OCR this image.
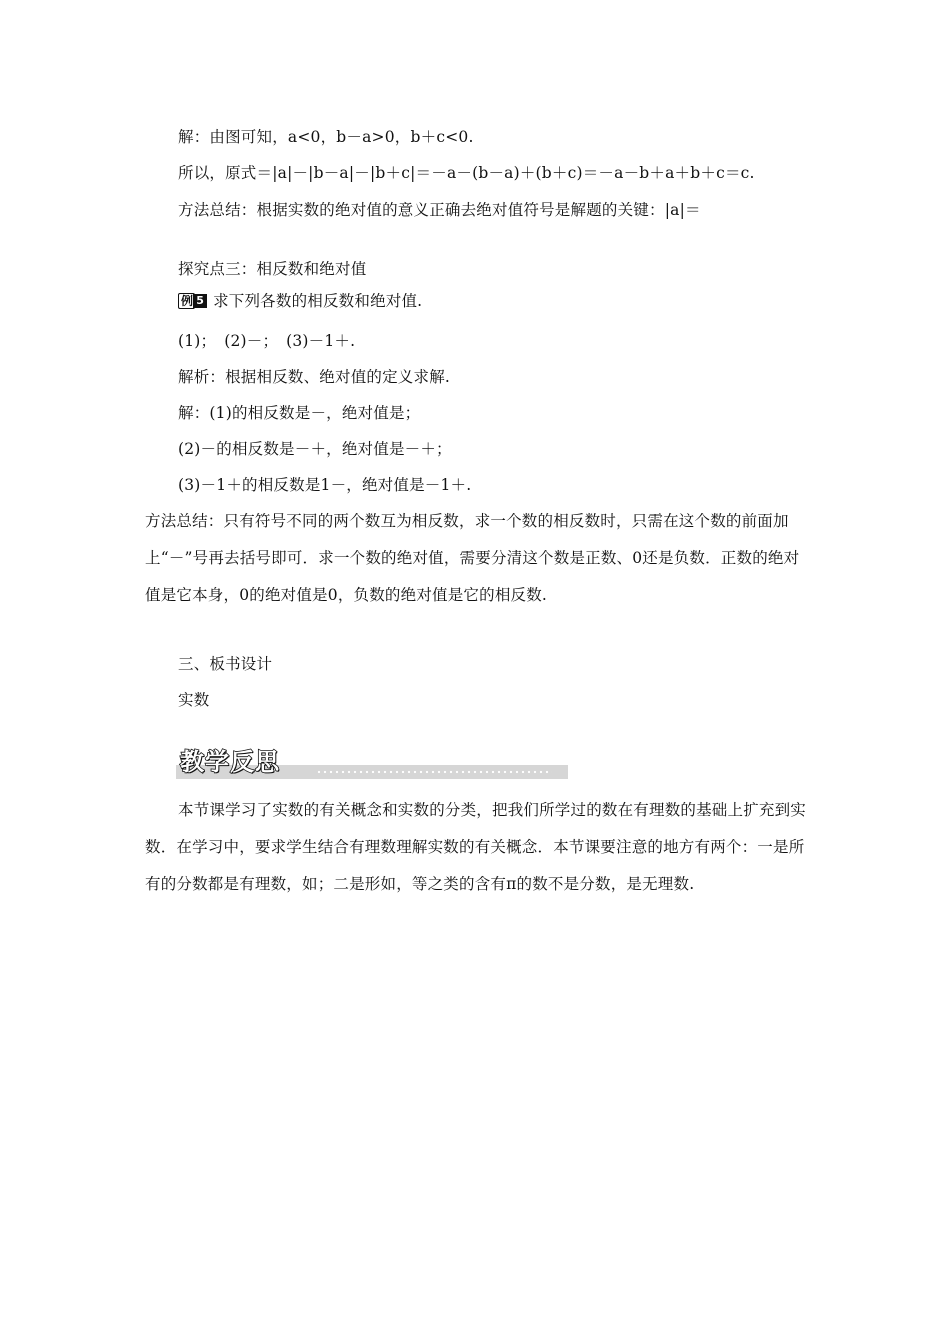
解：由图可知，a<0，b－a>0，b＋c<0.
所以，原式＝|a|－|b－a|－|b＋c|＝－a－(b－a)＋(b＋c)＝－a－b＋a＋b＋c＝c.
方法总结：根据实数的绝对值的意义正确去绝对值符号是解题的关键：|a|＝
探究点三：相反数和绝对值
例 5 求下列各数的相反数和绝对值.
(1)；　(2)－；　(3)－1＋.
解析：根据相反数、绝对值的定义求解.
解：(1)的相反数是－，绝对值是；
(2)－的相反数是－＋，绝对值是－＋；
(3)－1＋的相反数是1－，绝对值是－1＋.
方法总结：只有符号不同的两个数互为相反数，求一个数的相反数时，只需在这个数的前面加上“－”号再去括号即可．求一个数的绝对值，需要分清这个数是正数、0还是负数．正数的绝对值是它本身，0的绝对值是0，负数的绝对值是它的相反数.
三、板书设计
实数
教学反思
本节课学习了实数的有关概念和实数的分类，把我们所学过的数在有理数的基础上扩充到实数．在学习中，要求学生结合有理数理解实数的有关概念．本节课要注意的地方有两个：一是所有的分数都是有理数，如；二是形如，等之类的含有π的数不是分数，是无理数.
